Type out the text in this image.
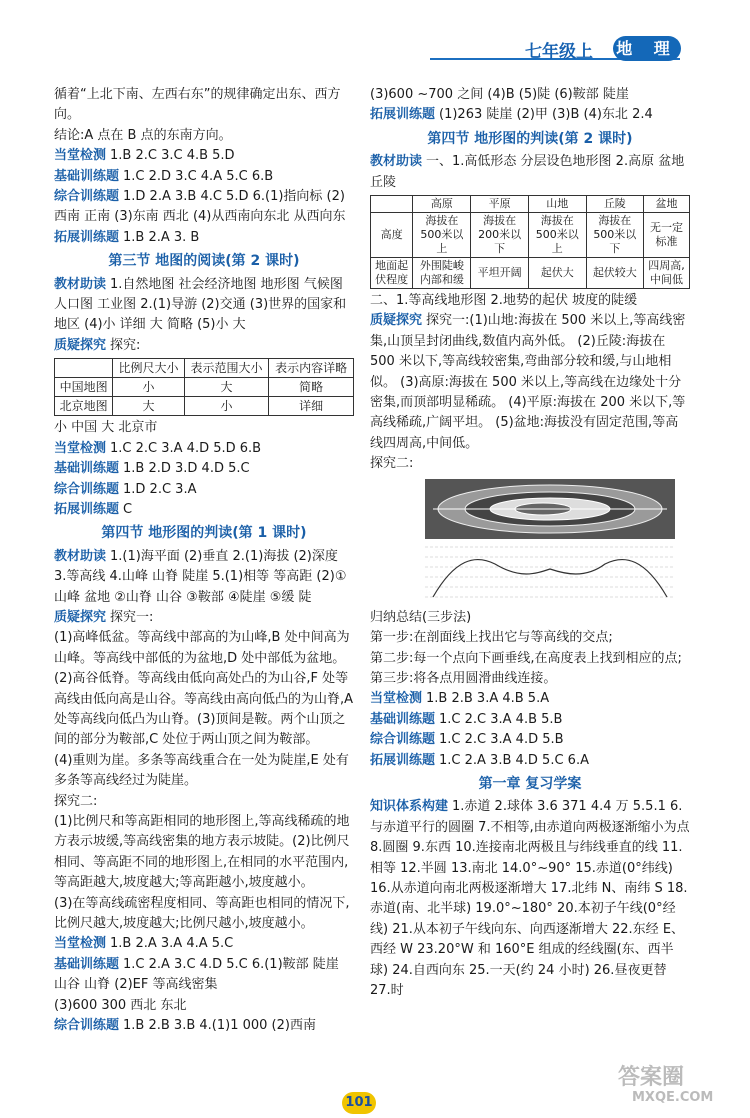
七年级上 地 理

循着“上北下南、左西右东”的规律确定出东、西方向。

结论:A 点在 B 点的东南方向。

当堂检测 1.B 2.C 3.C 4.B 5.D

基础训练题 1.C 2.D 3.C 4.A 5.C 6.B

综合训练题 1.D 2.A 3.B 4.C 5.D 6.(1)指向标 (2)西南 正南 (3)东南 西北 (4)从西南向东北 从西向东

拓展训练题 1.B 2.A 3. B

第三节 地图的阅读(第 2 课时)

教材助读 1.自然地图 社会经济地图 地形图 气候图 人口图 工业图 2.(1)导游 (2)交通 (3)世界的国家和地区 (4)小 详细 大 简略 (5)小 大

质疑探究 探究:

	比例尺大小	表示范围大小	表示内容详略
中国地图	小	大	简略
北京地图	大	小	详细

小 中国 大 北京市

当堂检测 1.C 2.C 3.A 4.D 5.D 6.B

基础训练题 1.B 2.D 3.D 4.D 5.C

综合训练题 1.D 2.C 3.A

拓展训练题 C

第四节 地形图的判读(第 1 课时)

教材助读 1.(1)海平面 (2)垂直 2.(1)海拔 (2)深度 3.等高线 4.山峰 山脊 陡崖 5.(1)相等 等高距 (2)①山峰 盆地 ②山脊 山谷 ③鞍部 ④陡崖 ⑤缓 陡

质疑探究 探究一:

(1)高峰低盆。等高线中部高的为山峰,B 处中间高为山峰。等高线中部低的为盆地,D 处中部低为盆地。

(2)高谷低脊。等高线由低向高处凸的为山谷,F 处等高线由低向高是山谷。等高线由高向低凸的为山脊,A 处等高线向低凸为山脊。(3)顶间是鞍。两个山顶之间的部分为鞍部,C 处位于两山顶之间为鞍部。

(4)重则为崖。多条等高线重合在一处为陡崖,E 处有多条等高线经过为陡崖。

探究二:

(1)比例尺和等高距相同的地形图上,等高线稀疏的地方表示坡缓,等高线密集的地方表示坡陡。(2)比例尺相同、等高距不同的地形图上,在相同的水平范围内,等高距越大,坡度越大;等高距越小,坡度越小。

(3)在等高线疏密程度相同、等高距也相同的情况下,比例尺越大,坡度越大;比例尺越小,坡度越小。

当堂检测 1.B 2.A 3.A 4.A 5.C

基础训练题 1.C 2.A 3.C 4.D 5.C 6.(1)鞍部 陡崖 山谷 山脊 (2)EF 等高线密集

(3)600 300 西北 东北

综合训练题 1.B 2.B 3.B 4.(1)1 000 (2)西南

(3)600 ~700 之间 (4)B (5)陡 (6)鞍部 陡崖

拓展训练题 (1)263 陡崖 (2)甲 (3)B (4)东北 2.4

第四节 地形图的判读(第 2 课时)

教材助读 一、1.高低形态 分层设色地形图 2.高原 盆地 丘陵

	高原	平原	山地	丘陵	盆地
高度	海拔在500米以上	海拔在200米以下	海拔在500米以上	海拔在500米以下	无一定标准
地面起伏程度	外围陡峻内部和缓	平坦开阔	起伏大	起伏较大	四周高,中间低

二、1.等高线地形图 2.地势的起伏 坡度的陡缓

质疑探究 探究一:(1)山地:海拔在 500 米以上,等高线密集,山顶呈封闭曲线,数值内高外低。 (2)丘陵:海拔在 500 米以下,等高线较密集,弯曲部分较和缓,与山地相似。 (3)高原:海拔在 500 米以上,等高线在边缘处十分密集,而顶部明显稀疏。 (4)平原:海拔在 200 米以下,等高线稀疏,广阔平坦。 (5)盆地:海拔没有固定范围,等高线四周高,中间低。

探究二:

归纳总结(三步法)

第一步:在剖面线上找出它与等高线的交点;

第二步:每一个点向下画垂线,在高度表上找到相应的点;

第三步:将各点用圆滑曲线连接。

当堂检测 1.B 2.B 3.A 4.B 5.A

基础训练题 1.C 2.C 3.A 4.B 5.B

综合训练题 1.C 2.C 3.A 4.D 5.B

拓展训练题 1.C 2.A 3.B 4.D 5.C 6.A

第一章 复习学案

知识体系构建 1.赤道 2.球体 3.6 371 4.4 万 5.5.1 6.与赤道平行的圆圈 7.不相等,由赤道向两极逐渐缩小为点 8.圆圈 9.东西 10.连接南北两极且与纬线垂直的线 11.相等 12.半圆 13.南北 14.0°~90° 15.赤道(0°纬线) 16.从赤道向南北两极逐渐增大 17.北纬 N、南纬 S 18.赤道(南、北半球) 19.0°~180° 20.本初子午线(0°经线) 21.从本初子午线向东、向西逐渐增大 22.东经 E、西经 W 23.20°W 和 160°E 组成的经线圈(东、西半球) 24.自西向东 25.一天(约 24 小时) 26.昼夜更替 27.时

101
答案圈
MXQE.COM
